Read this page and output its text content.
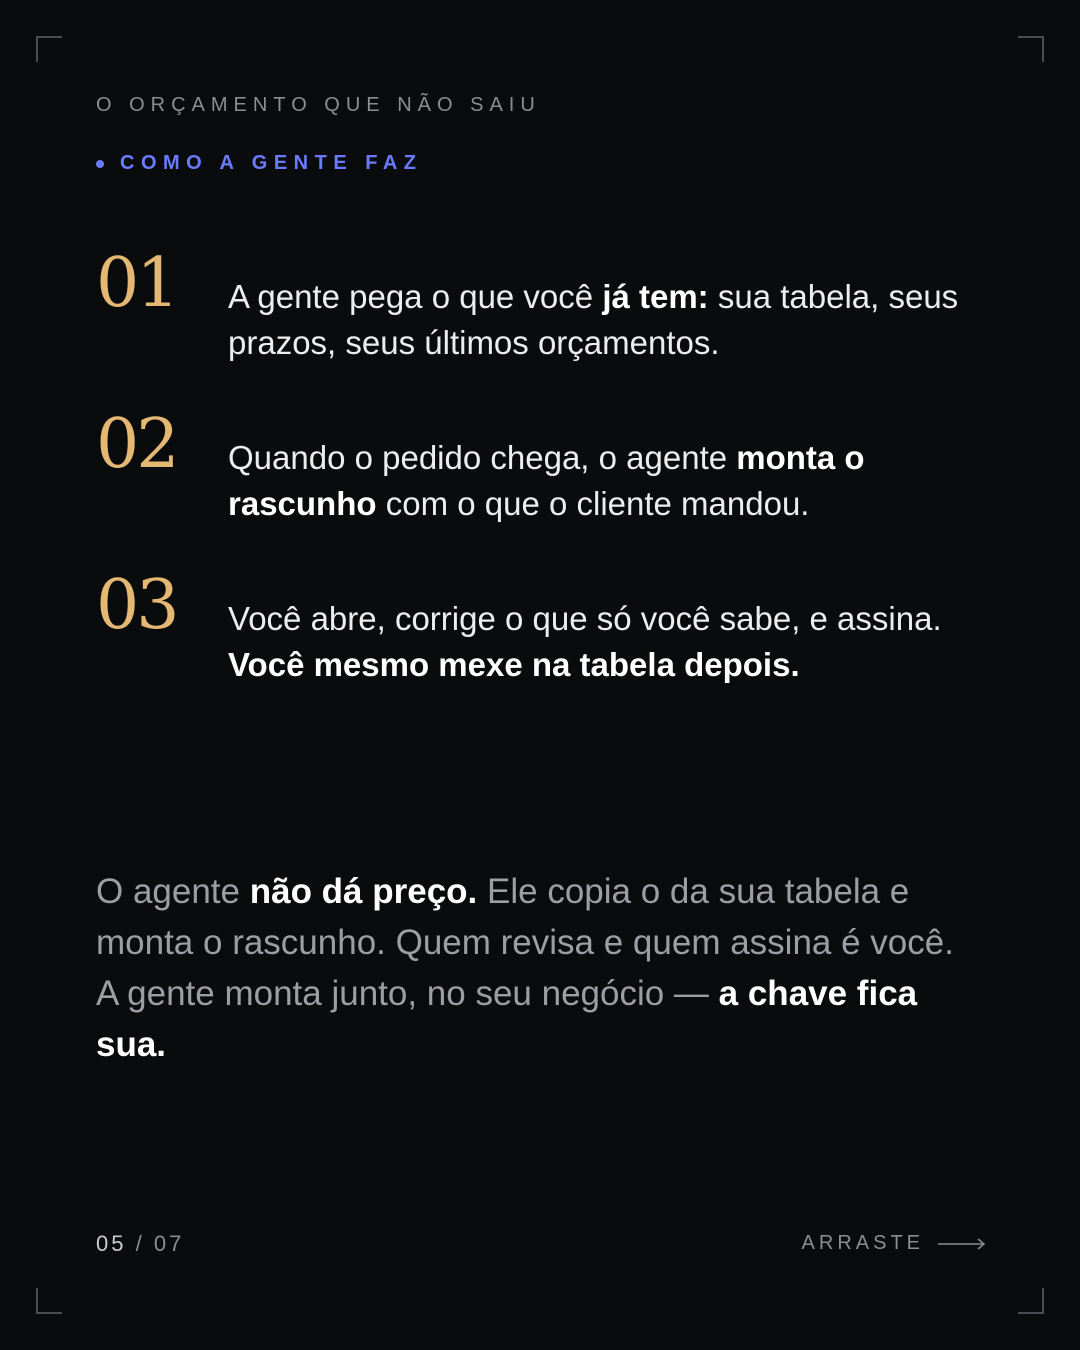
O ORÇAMENTO QUE NÃO SAIU
COMO A GENTE FAZ
01 A gente pega o que você já tem: sua tabela, seus prazos, seus últimos orçamentos.
02 Quando o pedido chega, o agente monta o rascunho com o que o cliente mandou.
03 Você abre, corrige o que só você sabe, e assina. Você mesmo mexe na tabela depois.
O agente não dá preço. Ele copia o da sua tabela e monta o rascunho. Quem revisa e quem assina é você. A gente monta junto, no seu negócio — a chave fica sua.
05 / 07	ARRASTE
